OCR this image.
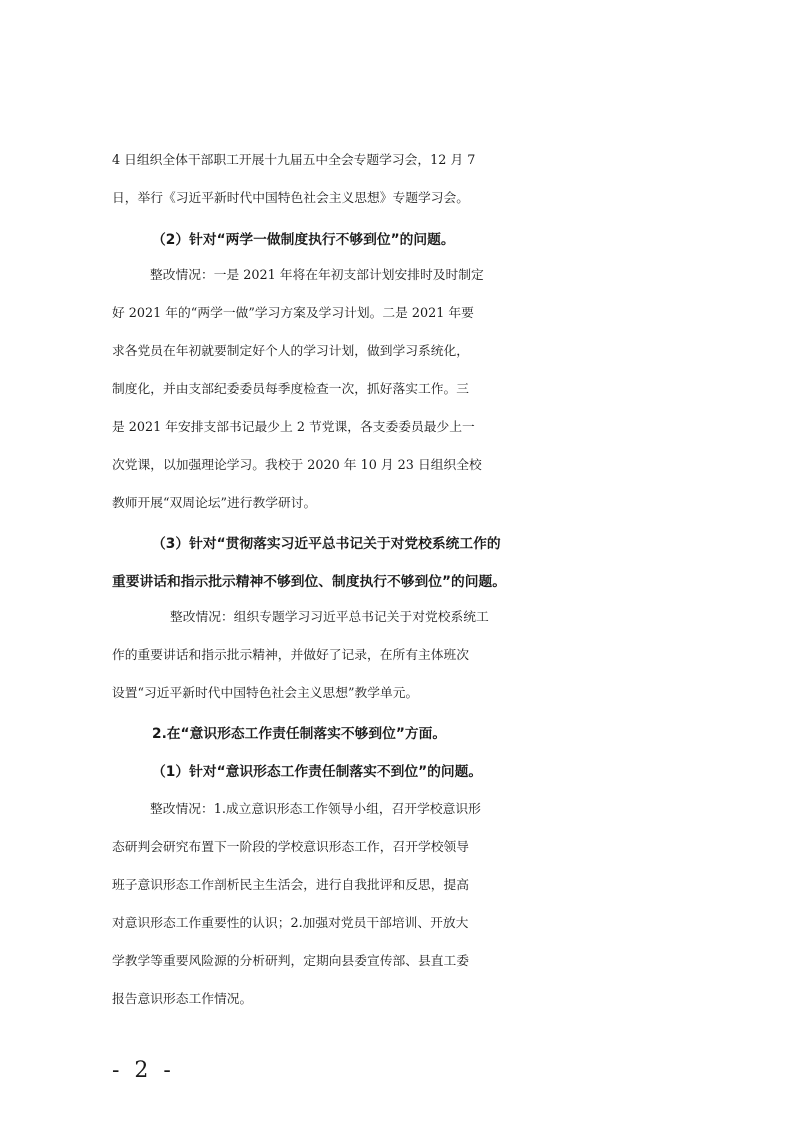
4 日组织全体干部职工开展十九届五中全会专题学习会，12 月 7
日，举行《习近平新时代中国特色社会主义思想》专题学习会。
（2）针对“两学一做制度执行不够到位”的问题。
整改情况：一是 2021 年将在年初支部计划安排时及时制定
好 2021 年的“两学一做”学习方案及学习计划。二是 2021 年要
求各党员在年初就要制定好个人的学习计划，做到学习系统化，
制度化，并由支部纪委委员每季度检查一次，抓好落实工作。三
是 2021 年安排支部书记最少上 2 节党课，各支委委员最少上一
次党课，以加强理论学习。我校于 2020 年 10 月 23 日组织全校
教师开展“双周论坛”进行教学研讨。
（3）针对“贯彻落实习近平总书记关于对党校系统工作的
重要讲话和指示批示精神不够到位、制度执行不够到位”的问题。
整改情况：组织专题学习习近平总书记关于对党校系统工
作的重要讲话和指示批示精神，并做好了记录，在所有主体班次
设置“习近平新时代中国特色社会主义思想”教学单元。
2.在“意识形态工作责任制落实不够到位”方面。
（1）针对“意识形态工作责任制落实不到位”的问题。
整改情况：1.成立意识形态工作领导小组，召开学校意识形
态研判会研究布置下一阶段的学校意识形态工作，召开学校领导
班子意识形态工作剖析民主生活会，进行自我批评和反思，提高
对意识形态工作重要性的认识；2.加强对党员干部培训、开放大
学教学等重要风险源的分析研判，定期向县委宣传部、县直工委
报告意识形态工作情况。
- 2 -
